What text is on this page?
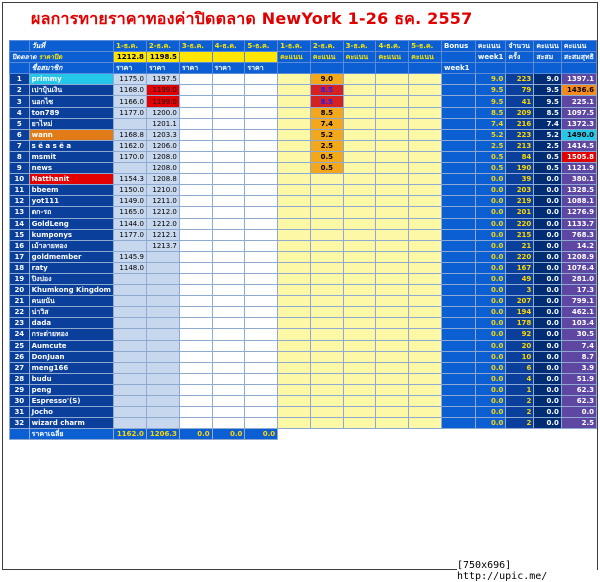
ผลการทายราคาทองค่าปิดตลาด NewYork 1-26 ธค. 2557
	วันที่	1-ธ.ค.	2-ธ.ค.	3-ธ.ค.	4-ธ.ค.	5-ธ.ค.	1-ธ.ค.	2-ธ.ค.	3-ธ.ค.	4-ธ.ค.	5-ธ.ค.	Bonus	คะแนน	จำนวน	คะแนน	คะแนน
ปิดตลาด ราคาปิด		1212.8	1198.5				คะแนน	คะแนน	คะแนน	คะแนน	คะแนน		week1	ครั้ง	สะสม	สะสมสุทธิ
	ชื่อสมาชิก	ราคา	ราคา	ราคา	ราคา	ราคา						week1				
1	primmy	1175.0	1197.5					9.0					9.0	223	9.0	1397.1
2	เปาปุ้นเงิน	1168.0	1199.0					8.5					9.5	79	9.5	1436.6
3	นอกไซ	1166.0	1199.0					8.5					9.5	41	9.5	225.1
4	ton789	1177.0	1200.0					8.5					8.5	209	8.5	1097.5
5	ยาไหม่		1201.1					7.4					7.4	216	7.4	1372.3
6	wann	1168.8	1203.3					5.2					5.2	223	5.2	1490.0
7	s ë a s ë a	1162.0	1206.0					2.5					2.5	213	2.5	1414.5
8	msmit	1170.0	1208.0					0.5					0.5	84	0.5	1505.8
9	news		1208.0					0.5					0.5	190	0.5	1121.9
10	Natthanit	1154.3	1208.8										0.0	39	0.0	380.1
11	bbeem	1150.0	1210.0										0.0	203	0.0	1328.5
12	yot111	1149.0	1211.0										0.0	219	0.0	1088.1
13	ตก-รถ	1165.0	1212.0										0.0	201	0.0	1276.9
14	GoldLeng	1144.0	1212.0										0.0	220	0.0	1133.7
15	kumponys	1177.0	1212.1										0.0	215	0.0	768.3
16	เม้าลายทอง		1213.7										0.0	21	0.0	14.2
17	goldmember	1145.9											0.0	220	0.0	1208.9
18	raty	1148.0											0.0	167	0.0	1076.4
19	ปิงปอง												0.0	49	0.0	281.0
20	Khumkong Kingdom												0.0	3	0.0	17.3
21	คนยนัน												0.0	207	0.0	799.1
22	น่าวิส												0.0	194	0.0	462.1
23	dada												0.0	178	0.0	103.4
24	กระต่ายทอง												0.0	92	0.0	30.5
25	Aumcute												0.0	20	0.0	7.4
26	DonJuan												0.0	10	0.0	8.7
27	meng166												0.0	6	0.0	3.9
28	budu												0.0	4	0.0	51.9
29	peng												0.0	1	0.0	62.3
30	Espresso'(S)												0.0	2	0.0	62.3
31	Jocho												0.0	2	0.0	0.0
32	wizard charm												0.0	2	0.0	2.5
	ราคาเฉลี่ย	1162.0	1206.3	0.0	0.0	0.0										
[750x696] http://upic.me/
